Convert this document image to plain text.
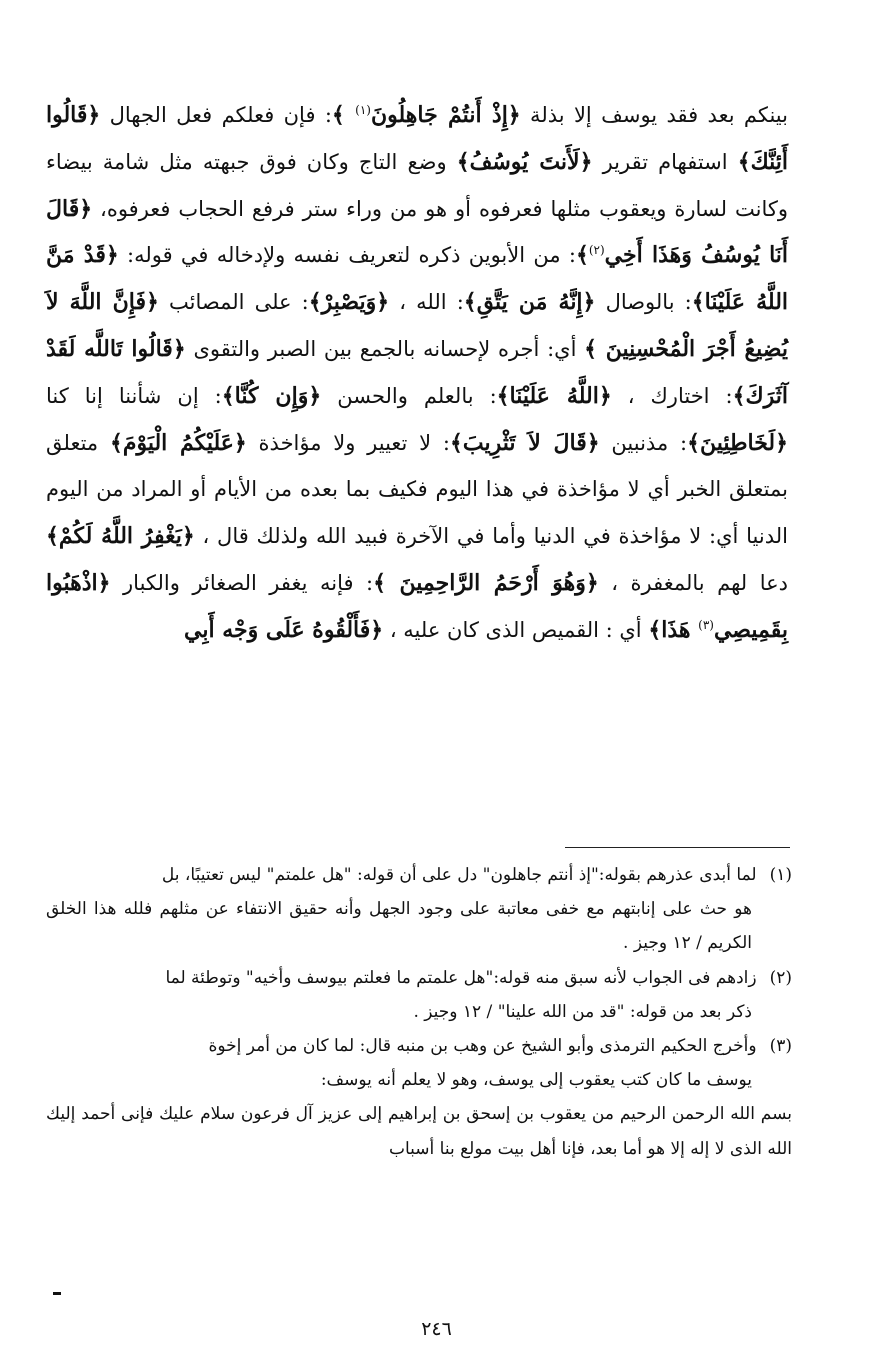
بينكم بعد فقد يوسف إلا بذلة ﴿إِذْ أَنتُمْ جَاهِلُونَ$^{(١)}$ ﴾: فإن فعلكم فعل الجهال ﴿قَالُوا أَئِنَّكَ﴾ استفهام تقرير ﴿لَأَنتَ يُوسُفُ﴾ وضع التاج وكان فوق جبهته مثل شامة بيضاء وكانت لسارة ويعقوب مثلها فعرفوه أو هو من وراء ستر فرفع الحجاب فعرفوه، ﴿قَالَ أَنَا يُوسُفُ وَهَذَا أَخِي$^{(٢)}$﴾: من الأبوين ذكره لتعريف نفسه ولإدخاله في قوله: ﴿قَدْ مَنَّ اللَّهُ عَلَيْنَا﴾: بالوصال ﴿إِنَّهُ مَن يَتَّقِ﴾: الله ، ﴿وَيَصْبِرْ﴾: على المصائب ﴿فَإِنَّ اللَّهَ لاَ يُضِيعُ أَجْرَ الْمُحْسِنِينَ ﴾ أي: أجره لإحسانه بالجمع بين الصبر والتقوى ﴿قَالُوا تَاللَّه لَقَدْ آثَرَكَ﴾: اختارك ، ﴿اللَّهُ عَلَيْنَا﴾: بالعلم والحسن ﴿وَإِن كُنَّا﴾: إن شأننا إنا كنا ﴿لَخَاطِئِينَ﴾: مذنبين ﴿قَالَ لاَ تَثْرِيبَ﴾: لا تعيير ولا مؤاخذة ﴿عَلَيْكُمُ الْيَوْمَ﴾ متعلق بمتعلق الخبر أي لا مؤاخذة في هذا اليوم فكيف بما بعده من الأيام أو المراد من اليوم الدنيا أي: لا مؤاخذة في الدنيا وأما في الآخرة فبيد الله ولذلك قال ، ﴿يَغْفِرُ اللَّهُ لَكُمْ﴾ دعا لهم بالمغفرة ، ﴿وَهُوَ أَرْحَمُ الرَّاحِمِينَ ﴾: فإنه يغفر الصغائر والكبار ﴿اذْهَبُوا بِقَمِيصِي$^{(٣)}$ هَذَا﴾ أي : القميص الذى كان عليه ، ﴿فَأَلْقُوهُ عَلَى وَجْه أَبِي
(١) لما أبدى عذرهم بقوله:"إذ أنتم جاهلون" دل على أن قوله: "هل علمتم" ليس تعتيبًا، بل
هو حث على إنابتهم مع خفى معاتبة على وجود الجهل وأنه حقيق الانتفاء عن مثلهم فلله هذا الخلق الكريم / ١٢ وجيز .
(٢) زادهم فى الجواب لأنه سبق منه قوله:"هل علمتم ما فعلتم بيوسف وأخيه" وتوطئة لما
ذكر بعد من قوله: "قد من الله علينا" / ١٢ وجيز .
(٣) وأخرج الحكيم الترمذى وأبو الشيخ عن وهب بن منبه قال: لما كان من أمر إخوة
يوسف ما كان كتب يعقوب إلى يوسف، وهو لا يعلم أنه يوسف:
بسم الله الرحمن الرحيم من يعقوب بن إسحق بن إبراهيم إلى عزيز آل فرعون سلام عليك فإنى أحمد إليك الله الذى لا إله إلا هو أما بعد، فإنا أهل بيت مولع بنا أسباب
٢٤٦
